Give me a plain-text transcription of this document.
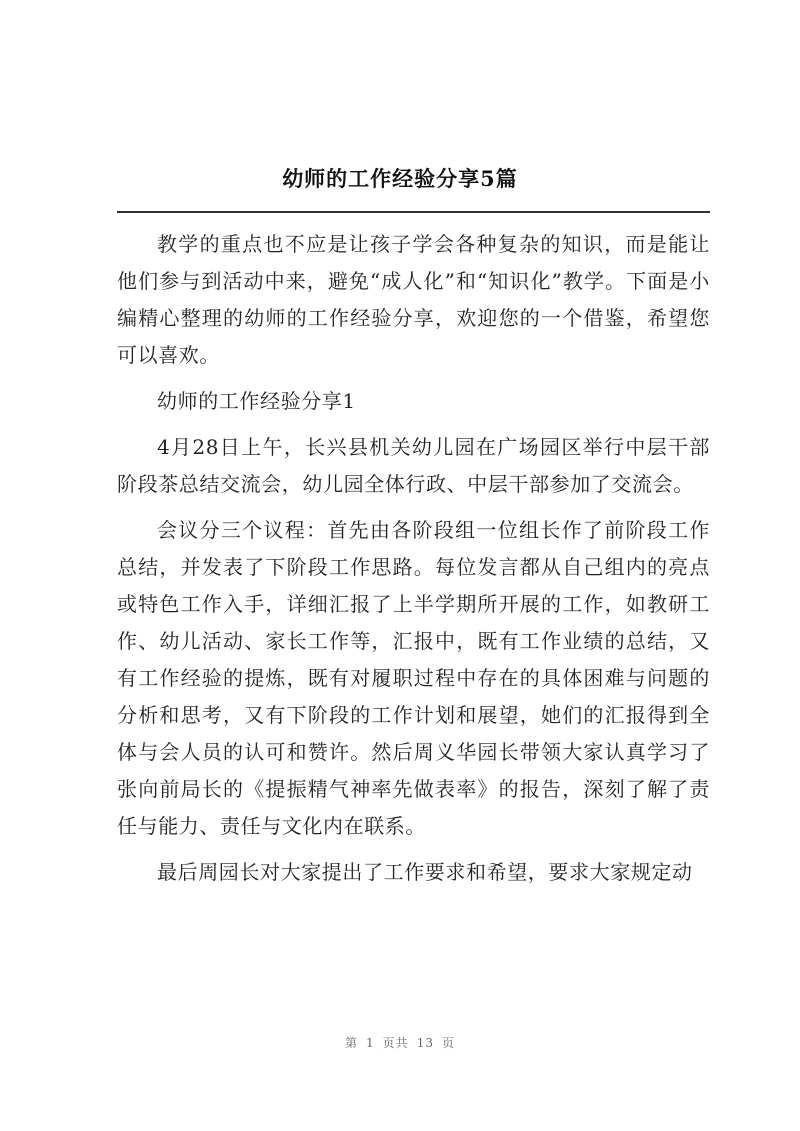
幼师的工作经验分享5篇

教学的重点也不应是让孩子学会各种复杂的知识，而是能让他们参与到活动中来，避免“成人化”和“知识化”教学。下面是小编精心整理的幼师的工作经验分享，欢迎您的一个借鉴，希望您可以喜欢。

幼师的工作经验分享1

4月28日上午，长兴县机关幼儿园在广场园区举行中层干部阶段茶总结交流会，幼儿园全体行政、中层干部参加了交流会。

会议分三个议程：首先由各阶段组一位组长作了前阶段工作总结，并发表了下阶段工作思路。每位发言都从自己组内的亮点或特色工作入手，详细汇报了上半学期所开展的工作，如教研工作、幼儿活动、家长工作等，汇报中，既有工作业绩的总结，又有工作经验的提炼，既有对履职过程中存在的具体困难与问题的分析和思考，又有下阶段的工作计划和展望，她们的汇报得到全体与会人员的认可和赞许。然后周义华园长带领大家认真学习了张向前局长的《提振精气神率先做表率》的报告，深刻了解了责任与能力、责任与文化内在联系。

最后周园长对大家提出了工作要求和希望，要求大家规定动

第 1 页共 13 页
